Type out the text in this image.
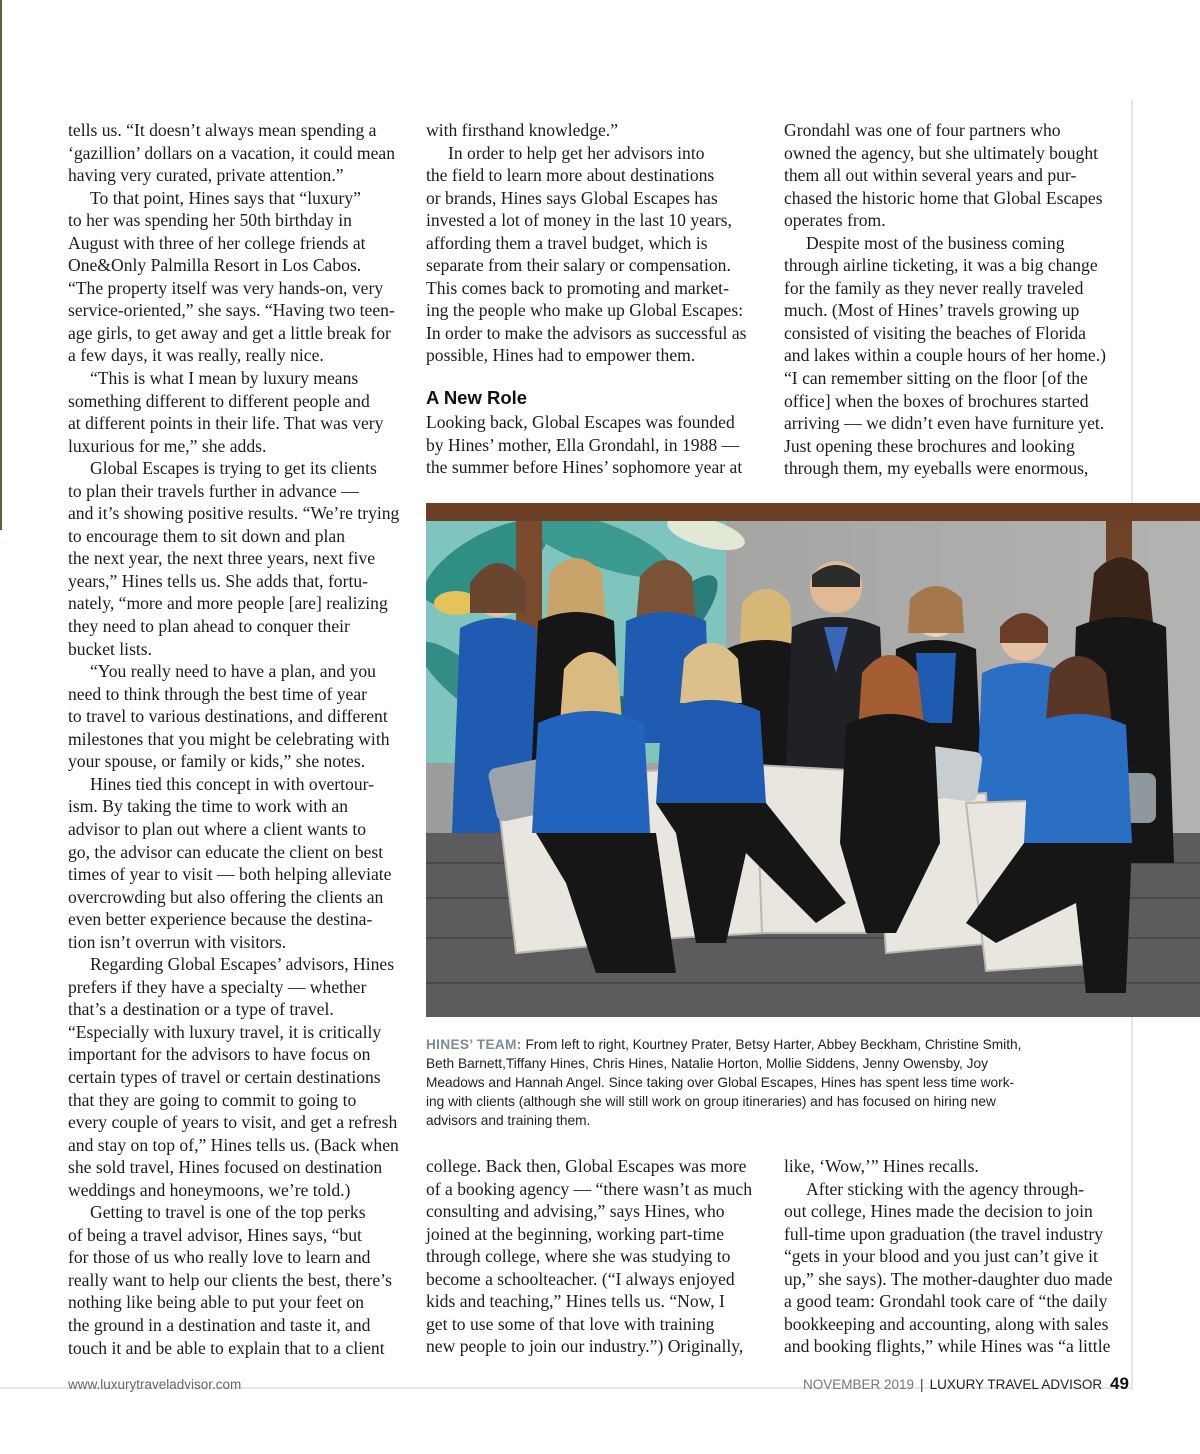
tells us. “It doesn’t always mean spending a

‘gazillion’ dollars on a vacation, it could mean

having very curated, private attention.”

To that point, Hines says that “luxury”

to her was spending her 50th birthday in

August with three of her college friends at

One&Only Palmilla Resort in Los Cabos.

“The property itself was very hands-on, very

service-oriented,” she says. “Having two teen-

age girls, to get away and get a little break for

a few days, it was really, really nice.

“This is what I mean by luxury means

something different to different people and

at different points in their life. That was very

luxurious for me,” she adds.

Global Escapes is trying to get its clients

to plan their travels further in advance —

and it’s showing positive results. “We’re trying

to encourage them to sit down and plan

the next year, the next three years, next five

years,” Hines tells us. She adds that, fortu-

nately, “more and more people [are] realizing

they need to plan ahead to conquer their

bucket lists.

“You really need to have a plan, and you

need to think through the best time of year

to travel to various destinations, and different

milestones that you might be celebrating with

your spouse, or family or kids,” she notes.

Hines tied this concept in with overtour-

ism. By taking the time to work with an

advisor to plan out where a client wants to

go, the advisor can educate the client on best

times of year to visit — both helping alleviate

overcrowding but also offering the clients an

even better experience because the destina-

tion isn’t overrun with visitors.

Regarding Global Escapes’ advisors, Hines

prefers if they have a specialty — whether

that’s a destination or a type of travel.

“Especially with luxury travel, it is critically

important for the advisors to have focus on

certain types of travel or certain destinations

that they are going to commit to going to

every couple of years to visit, and get a refresh

and stay on top of,” Hines tells us. (Back when

she sold travel, Hines focused on destination

weddings and honeymoons, we’re told.)

Getting to travel is one of the top perks

of being a travel advisor, Hines says, “but

for those of us who really love to learn and

really want to help our clients the best, there’s

nothing like being able to put your feet on

the ground in a destination and taste it, and

touch it and be able to explain that to a client

with firsthand knowledge.”

In order to help get her advisors into

the field to learn more about destinations

or brands, Hines says Global Escapes has

invested a lot of money in the last 10 years,

affording them a travel budget, which is

separate from their salary or compensation.

This comes back to promoting and market-

ing the people who make up Global Escapes:

In order to make the advisors as successful as

possible, Hines had to empower them.

A New Role

Looking back, Global Escapes was founded

by Hines’ mother, Ella Grondahl, in 1988 —

the summer before Hines’ sophomore year at

Grondahl was one of four partners who

owned the agency, but she ultimately bought

them all out within several years and pur-

chased the historic home that Global Escapes

operates from.

Despite most of the business coming

through airline ticketing, it was a big change

for the family as they never really traveled

much. (Most of Hines’ travels growing up

consisted of visiting the beaches of Florida

and lakes within a couple hours of her home.)

“I can remember sitting on the floor [of the

office] when the boxes of brochures started

arriving — we didn’t even have furniture yet.

Just opening these brochures and looking

through them, my eyeballs were enormous,

HINES’ TEAM: From left to right, Kourtney Prater, Betsy Harter, Abbey Beckham, Christine Smith,

Beth Barnett,Tiffany Hines, Chris Hines, Natalie Horton, Mollie Siddens, Jenny Owensby, Joy

Meadows and Hannah Angel. Since taking over Global Escapes, Hines has spent less time work-

ing with clients (although she will still work on group itineraries) and has focused on hiring new

advisors and training them.

college. Back then, Global Escapes was more

of a booking agency — “there wasn’t as much

consulting and advising,” says Hines, who

joined at the beginning, working part-time

through college, where she was studying to

become a schoolteacher. (“I always enjoyed

kids and teaching,” Hines tells us. “Now, I

get to use some of that love with training

new people to join our industry.”) Originally,

like, ‘Wow,’” Hines recalls.

After sticking with the agency through-

out college, Hines made the decision to join

full-time upon graduation (the travel industry

“gets in your blood and you just can’t give it

up,” she says). The mother-daughter duo made

a good team: Grondahl took care of “the daily

bookkeeping and accounting, along with sales

and booking flights,” while Hines was “a little

www.luxurytraveladvisor.com	NOVEMBER 2019 | LUXURY TRAVEL ADVISOR 49
